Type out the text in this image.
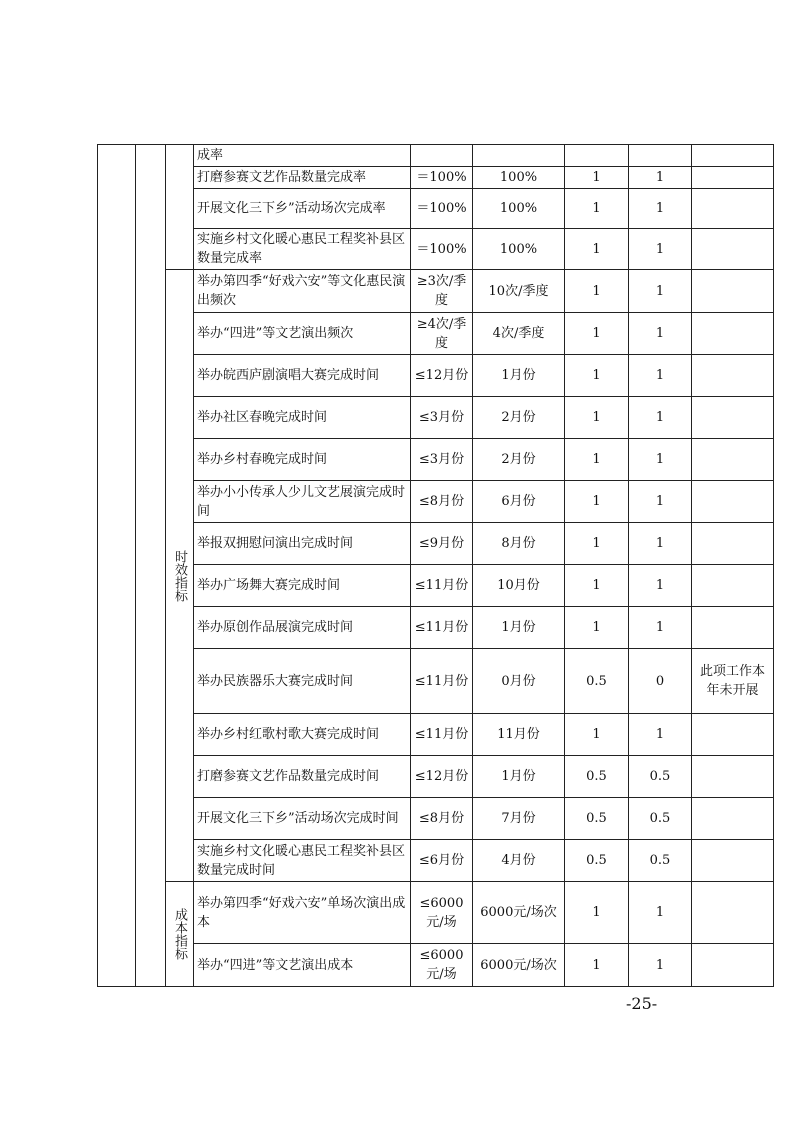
			成率					
			打磨参赛文艺作品数量完成率	＝100%	100%	1	1	
			开展文化三下乡”活动场次完成率	＝100%	100%	1	1	
			实施乡村文化暖心惠民工程奖补县区数量完成率	＝100%	100%	1	1	
		时效指标	举办第四季“好戏六安”等文化惠民演出频次	≥3次/季度	10次/季度	1	1	
			举办“四进”等文艺演出频次	≥4次/季度	4次/季度	1	1	
			举办皖西庐剧演唱大赛完成时间	≤12月份	1月份	1	1	
			举办社区春晚完成时间	≤3月份	2月份	1	1	
			举办乡村春晚完成时间	≤3月份	2月份	1	1	
			举办小小传承人少儿文艺展演完成时间	≤8月份	6月份	1	1	
			举报双拥慰问演出完成时间	≤9月份	8月份	1	1	
			举办广场舞大赛完成时间	≤11月份	10月份	1	1	
			举办原创作品展演完成时间	≤11月份	1月份	1	1	
			举办民族器乐大赛完成时间	≤11月份	0月份	0.5	0	此项工作本年未开展
			举办乡村红歌村歌大赛完成时间	≤11月份	11月份	1	1	
			打磨参赛文艺作品数量完成时间	≤12月份	1月份	0.5	0.5	
			开展文化三下乡”活动场次完成时间	≤8月份	7月份	0.5	0.5	
			实施乡村文化暖心惠民工程奖补县区数量完成时间	≤6月份	4月份	0.5	0.5	
		成本指标	举办第四季“好戏六安”单场次演出成本	≤6000元/场	6000元/场次	1	1	
			举办“四进”等文艺演出成本	≤6000元/场	6000元/场次	1	1	
-25-
